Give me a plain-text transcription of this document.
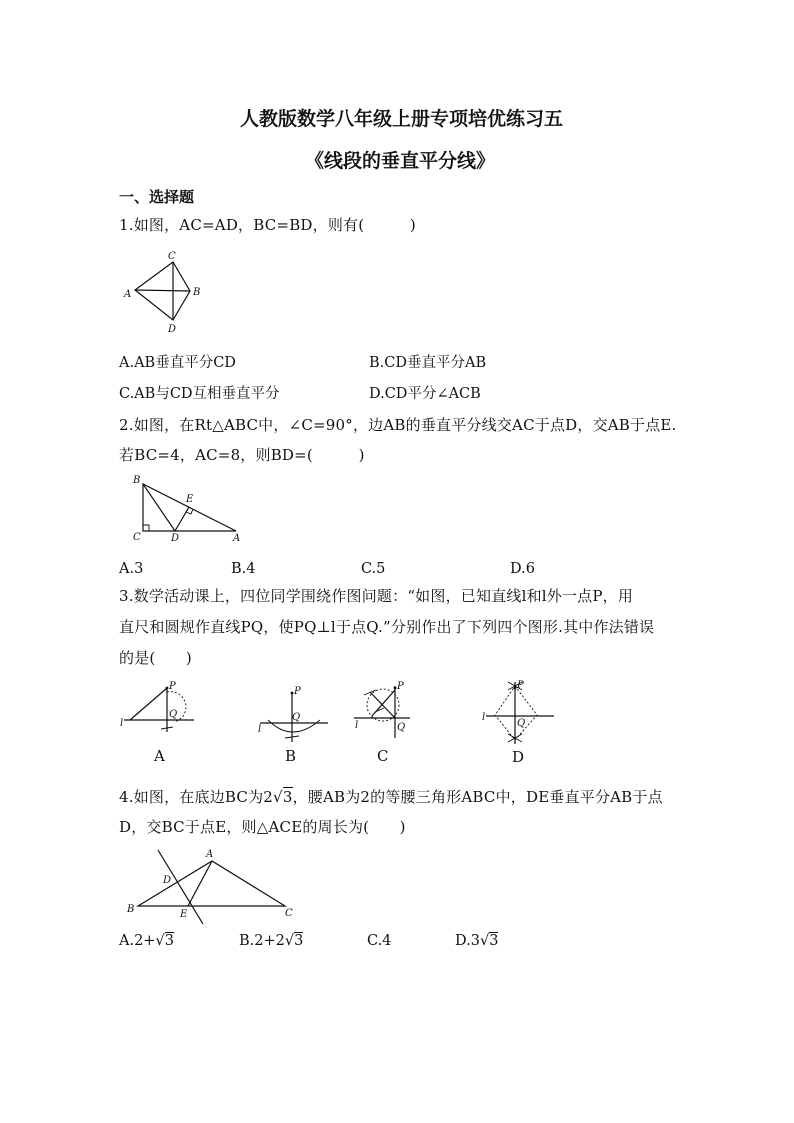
人教版数学八年级上册专项培优练习五
《线段的垂直平分线》
一、选择题
1.如图，AC=AD，BC=BD，则有(　　　)
C
A	B
D
A.AB垂直平分CD	B.CD垂直平分AB
C.AB与CD互相垂直平分	D.CD平分∠ACB
2.如图，在Rt△ABC中，∠C=90°，边AB的垂直平分线交AC于点D，交AB于点E.
若BC=4，AC=8，则BD=(　　　)
B
E
C	D	A
A.3	B.4	C.5	D.6
3.数学活动课上，四位同学围绕作图问题：“如图，已知直线l和l外一点P，用
直尺和圆规作直线PQ，使PQ⊥l于点Q.”分别作出了下列四个图形.其中作法错误
的是(　　)
P
Q
l
A
P
Q
l
B
P
Q
l
C
P
Q
l
D
4.如图，在底边BC为2√3，腰AB为2的等腰三角形ABC中，DE垂直平分AB于点
D，交BC于点E，则△ACE的周长为(　　)
A
D
B	E	C
A.2+√3	B.2+2√3	C.4	D.3√3
